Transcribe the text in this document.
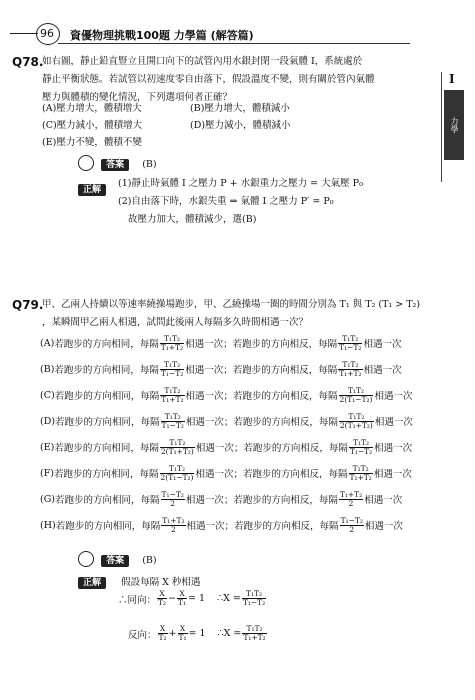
96 資優物理挑戰100題 力學篇 (解答篇)
I
力學
Q78.
如右圖，靜止鉛直豎立且開口向下的試管內用水銀封閉一段氣體 I，系統處於
靜止平衡狀態。若試管以初速度零自由落下，假設溫度不變，則有關於管內氣體
壓力與體積的變化情況，下列選項何者正確？
(A)壓力增大，體積增大	(B)壓力增大，體積減小
(C)壓力減小，體積增大	(D)壓力減小，體積減小
(E)壓力不變，體積不變
答案 (B)
正解
(1)靜止時氣體 I 之壓力 P + 水銀重力之壓力 = 大氣壓 P₀
(2)自由落下時，水銀失重 ⇒ 氣體 I 之壓力 P′ = P₀
故壓力加大，體積減少，選(B)
Q79.
甲、乙兩人持續以等速率繞操場跑步，甲、乙繞操場一圈的時間分別為 T₁ 與 T₂ (T₁ > T₂)
，某瞬間甲乙兩人相遇，試問此後兩人每隔多久時間相遇一次？
(A) 若跑步的方向相同，每隔 $\frac{\text{T₁T₂}}{\text{T₁+T₂}}$ 相遇一次； 若跑步的方向相反，每隔 $\frac{\text{T₁T₂}}{\text{T₁−T₂}}$ 相遇一次
(B) 若跑步的方向相同，每隔 $\frac{\text{T₁T₂}}{\text{T₁−T₂}}$ 相遇一次； 若跑步的方向相反，每隔 $\frac{\text{T₁T₂}}{\text{T₁+T₂}}$ 相遇一次
(C) 若跑步的方向相同，每隔 $\frac{\text{T₁T₂}}{\text{T₁+T₂}}$ 相遇一次； 若跑步的方向相反，每隔 $\frac{\text{T₁T₂}}{\text{2(T₁−T₂)}}$ 相遇一次
(D) 若跑步的方向相同，每隔 $\frac{\text{T₁T₂}}{\text{T₁−T₂}}$ 相遇一次； 若跑步的方向相反，每隔 $\frac{\text{T₁T₂}}{\text{2(T₁+T₂)}}$ 相遇一次
(E) 若跑步的方向相同，每隔 $\frac{\text{T₁T₂}}{\text{2(T₁+T₂)}}$ 相遇一次； 若跑步的方向相反，每隔 $\frac{\text{T₁T₂}}{\text{T₁−T₂}}$ 相遇一次
(F) 若跑步的方向相同，每隔 $\frac{\text{T₁T₂}}{\text{2(T₁−T₂)}}$ 相遇一次； 若跑步的方向相反，每隔 $\frac{\text{T₁T₂}}{\text{T₁+T₂}}$ 相遇一次
(G) 若跑步的方向相同，每隔 $\frac{\text{T₁−T₂}}{2}$ 相遇一次； 若跑步的方向相反，每隔 $\frac{\text{T₁+T₂}}{2}$ 相遇一次
(H) 若跑步的方向相同，每隔 $\frac{\text{T₁+T₂}}{2}$ 相遇一次； 若跑步的方向相反，每隔 $\frac{\text{T₁−T₂}}{2}$ 相遇一次
答案 (B)
正解 假設每隔 X 秒相遇
∴同向： $\frac{X}{\text{T₂}} - \frac{X}{\text{T₁}} = 1$ ∴X = $\frac{\text{T₁T₂}}{\text{T₁−T₂}}$
反向： $\frac{X}{\text{T₂}} + \frac{X}{\text{T₁}} = 1$ ∴X = $\frac{\text{T₁T₂}}{\text{T₁+T₂}}$
